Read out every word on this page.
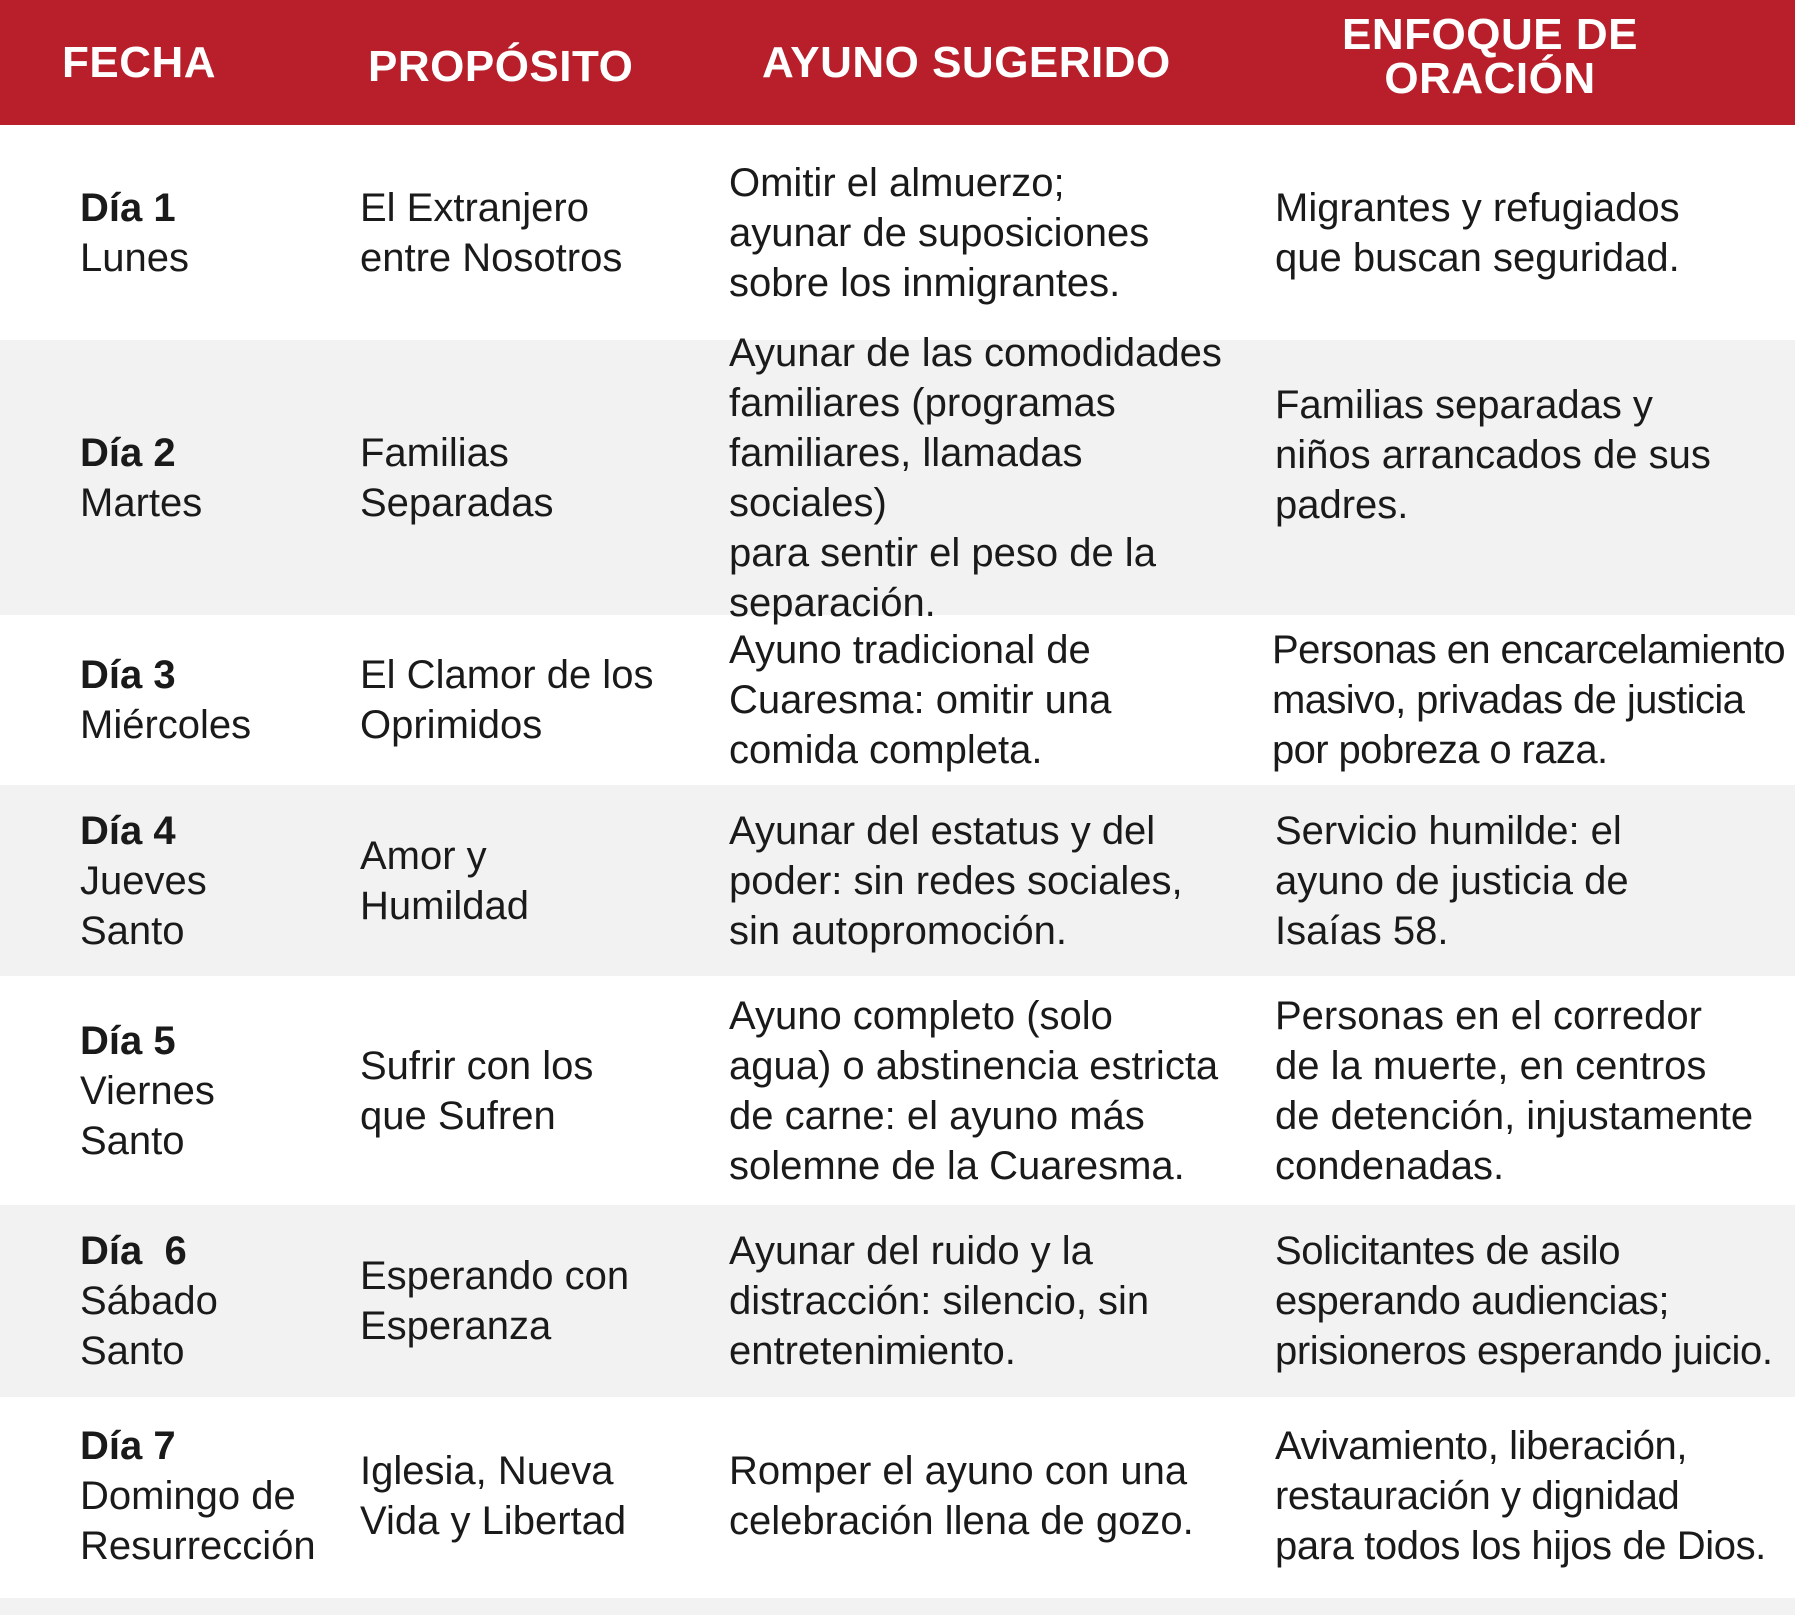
FECHA	PROPÓSITO	AYUNO SUGERIDO
ENFOQUE DE
ORACIÓN
Día 1
Lunes
El Extranjero
entre Nosotros
Omitir el almuerzo;
ayunar de suposiciones
sobre los inmigrantes.
Migrantes y refugiados
que buscan seguridad.
Día 2
Martes
Familias
Separadas
Ayunar de las comodidades
familiares (programas
familiares, llamadas sociales)
para sentir el peso de la
separación.
Familias separadas y
niños arrancados de sus
padres.
Día 3
Miércoles
El Clamor de los
Oprimidos
Ayuno tradicional de
Cuaresma: omitir una
comida completa.
Personas en encarcelamiento
masivo, privadas de justicia
por pobreza o raza.
Día 4
Jueves
Santo
Amor y
Humildad
Ayunar del estatus y del
poder: sin redes sociales,
sin autopromoción.
Servicio humilde: el
ayuno de justicia de
Isaías 58.
Día 5
Viernes
Santo
Sufrir con los
que Sufren
Ayuno completo (solo
agua) o abstinencia estricta
de carne: el ayuno más
solemne de la Cuaresma.
Personas en el corredor
de la muerte, en centros
de detención, injustamente
condenadas.
Día  6
Sábado
Santo
Esperando con
Esperanza
Ayunar del ruido y la
distracción: silencio, sin
entretenimiento.
Solicitantes de asilo
esperando audiencias;
prisioneros esperando juicio.
Día 7
Domingo de
Resurrección
Iglesia, Nueva
Vida y Libertad
Romper el ayuno con una
celebración llena de gozo.
Avivamiento, liberación,
restauración y dignidad
para todos los hijos de Dios.
